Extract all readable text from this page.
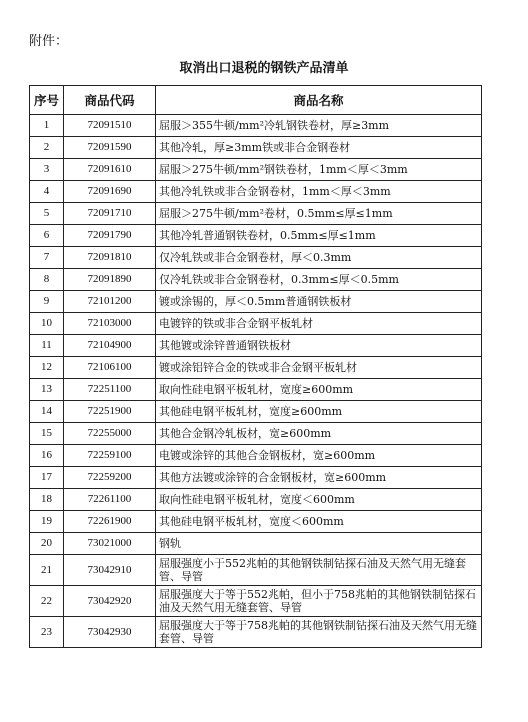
附件：
取消出口退税的钢铁产品清单
序号	商品代码	商品名称
1	72091510	屈服＞355牛顿/mm²冷轧钢铁卷材，厚≥3mm
2	72091590	其他冷轧，厚≥3mm铁或非合金钢卷材
3	72091610	屈服＞275牛顿/mm²钢铁卷材，1mm＜厚＜3mm
4	72091690	其他冷轧铁或非合金钢卷材，1mm＜厚＜3mm
5	72091710	屈服＞275牛顿/mm²卷材，0.5mm≤厚≤1mm
6	72091790	其他冷轧普通钢铁卷材，0.5mm≤厚≤1mm
7	72091810	仅冷轧铁或非合金钢卷材，厚＜0.3mm
8	72091890	仅冷轧铁或非合金钢卷材，0.3mm≤厚＜0.5mm
9	72101200	镀或涂锡的，厚＜0.5mm普通钢铁板材
10	72103000	电镀锌的铁或非合金钢平板轧材
11	72104900	其他镀或涂锌普通钢铁板材
12	72106100	镀或涂铝锌合金的铁或非合金钢平板轧材
13	72251100	取向性硅电钢平板轧材，宽度≥600mm
14	72251900	其他硅电钢平板轧材，宽度≥600mm
15	72255000	其他合金钢冷轧板材，宽≥600mm
16	72259100	电镀或涂锌的其他合金钢板材，宽≥600mm
17	72259200	其他方法镀或涂锌的合金钢板材，宽≥600mm
18	72261100	取向性硅电钢平板轧材，宽度＜600mm
19	72261900	其他硅电钢平板轧材，宽度＜600mm
20	73021000	钢轨
21	73042910	屈服强度小于552兆帕的其他钢铁制钻探石油及天然气用无缝套管、导管
22	73042920	屈服强度大于等于552兆帕，但小于758兆帕的其他钢铁制钻探石油及天然气用无缝套管、导管
23	73042930	屈服强度大于等于758兆帕的其他钢铁制钻探石油及天然气用无缝套管、导管
